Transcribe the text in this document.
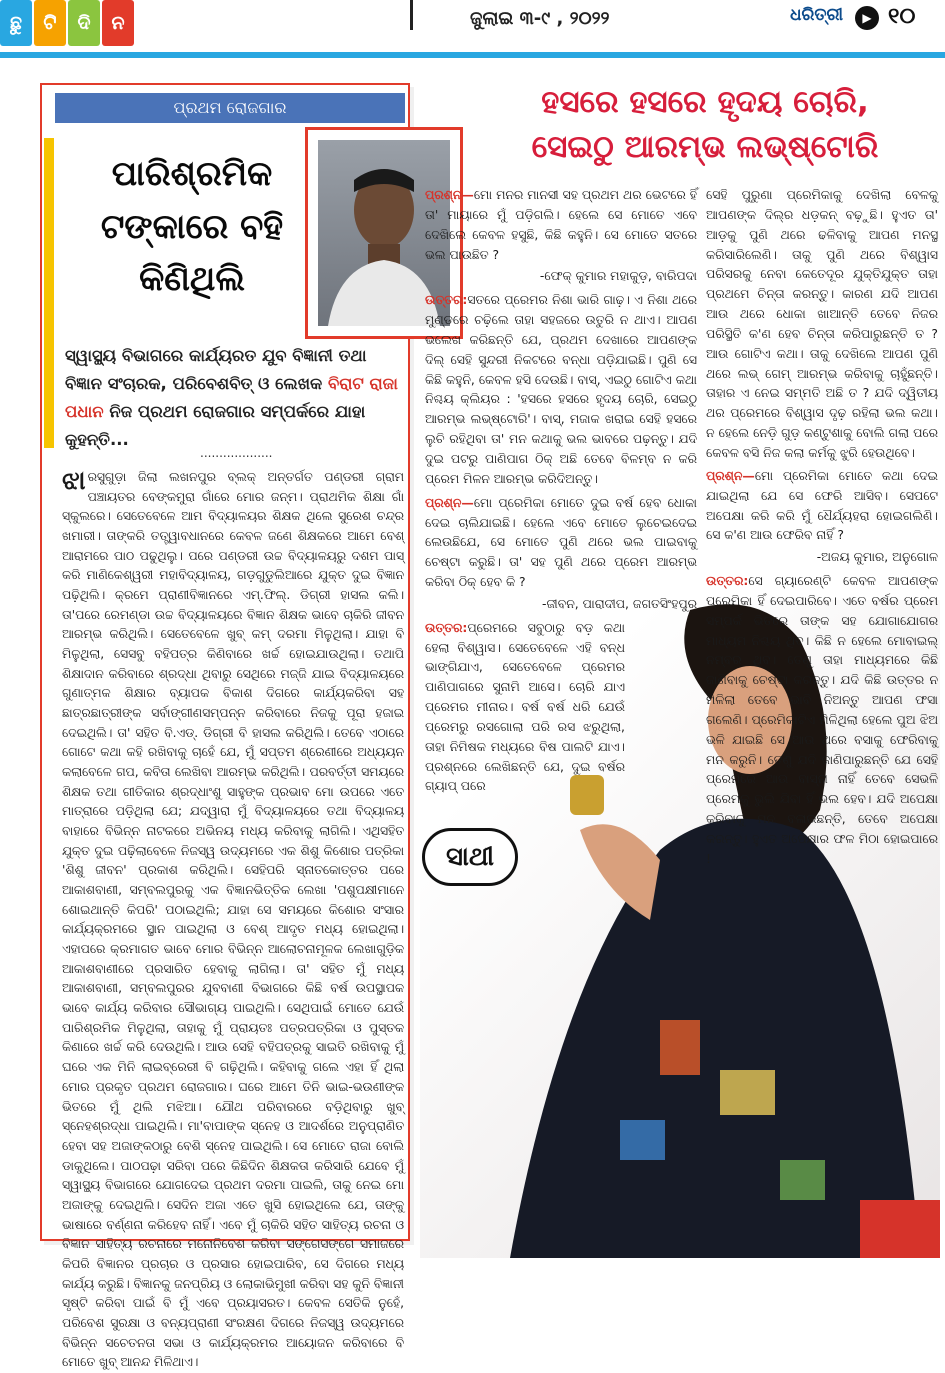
ଛୁ	ଟି	ଦି	ନ	ଜୁଲାଇ ୩-୯ , ୨୦୨୨	ଧରିତ୍ରୀ	▶ ୧୦
ପ୍ରଥମ ରୋଜଗାର
ପାରିଶ୍ରମିକ ଟଙ୍କାରେ ବହି କିଣିଥିଲି
ସ୍ୱାସ୍ଥ୍ୟ ବିଭାଗରେ କାର୍ଯ୍ୟରତ ଯୁବ ବିଜ୍ଞାନୀ ତଥା ବିଜ୍ଞାନ ସଂଚାରକ, ପରିବେଶବିତ୍ ଓ ଲେଖକ ବିରାଟ ରାଜା ପଧାନ ନିଜ ପ୍ରଥମ ରୋଜଗାର ସମ୍ପର୍କରେ ଯାହା କୁହନ୍ତି...
...................
ଝାରସୁଗୁଡ଼ା ଜିଲା ଲଖନପୁର ବ୍ଲକ୍ ଅନ୍ତର୍ଗତ ପଣ୍ଡରୀ ଗ୍ରାମ ପଞ୍ଚାୟତର ବେଙ୍କମୁରା ଗାଁରେ ମୋର ଜନ୍ମ। ପ୍ରାଥମିକ ଶିକ୍ଷା ଗାଁ ସ୍କୁଲରେ। ସେତେବେଳେ ଆମ ବିଦ୍ୟାଳୟର ଶିକ୍ଷକ ଥିଲେ ସୁରେଶ ଚନ୍ଦ୍ର ଖମାରୀ। ତାଙ୍କରି ତତ୍ତ୍ୱାବଧାନରେ କେବଳ ଜଣେ ଶିକ୍ଷକରେ ଆମେ ବେଶ୍ ଆରାମରେ ପାଠ ପଢୁଥିଲୁ। ପରେ ପଣ୍ଡରୀ ଉଚ୍ଚ ବିଦ୍ୟାଳୟରୁ ଦଶମ ପାସ୍ କରି ମାଣିକେଶ୍ୱରୀ ମହାବିଦ୍ୟାଳୟ, ଗଡ଼ଗୁଡୁଲିଆରେ ଯୁକ୍ତ ଦୁଇ ବିଜ୍ଞାନ ପଢ଼ିଥିଲି। କ୍ରମେ ପ୍ରାଣୀବିଜ୍ଞାନରେ ଏମ୍.ଫିଲ୍. ଡିଗ୍ରୀ ହାସଲ କଲି। ତା'ପରେ ରେମଣ୍ଡା ଉଚ୍ଚ ବିଦ୍ୟାଳୟରେ ବିଜ୍ଞାନ ଶିକ୍ଷକ ଭାବେ ଚାକିରି ଜୀବନ ଆରମ୍ଭ କରିଥିଲି। ସେତେବେଳେ ଖୁବ୍ କମ୍ ଦରମା ମିଳୁଥିଲା। ଯାହା ବି ମିଳୁଥିଲା, ସେସବୁ ବହିପତ୍ର କିଣିବାରେ ଖର୍ଚ୍ଚ ହୋଇଯାଉଥିଲା। ତଥାପି ଶିକ୍ଷାଦାନ କରିବାରେ ଶ୍ରଦ୍ଧା ଥିବାରୁ ସେଥିରେ ମଜ୍ଜି ଯାଇ ବିଦ୍ୟାଳୟରେ ଗୁଣାତ୍ମକ ଶିକ୍ଷାର ବ୍ୟାପକ ବିକାଶ ଦିଗରେ କାର୍ଯ୍ୟକରିବା ସହ ଛାତ୍ରଛାତ୍ରୀଙ୍କ ସର୍ବାଙ୍ଗୀଣସମ୍ପନ୍ନ କରିବାରେ ନିଜକୁ ପୂରା ହଜାଇ ଦେଇଥିଲି। ତା' ସହିତ ବି.ଏଡ୍. ଡିଗ୍ରୀ ବି ହାସଲ କରିଥିଲି। ତେବେ ଏଠାରେ ଗୋଟେ କଥା କହି ରଖିବାକୁ ଚାହେଁ ଯେ, ମୁଁ ସପ୍ତମ ଶ୍ରେଣୀରେ ଅଧ୍ୟୟନ କଲାବେଳେ ଗପ, କବିତା ଲେଖିବା ଆରମ୍ଭ କରିଥିଲି। ପରବର୍ତ୍ତୀ ସମୟରେ ଶିକ୍ଷକ ତଥା ଗୀତିକାର ଶ୍ରଦ୍ଧାଂଶୁ ସାହୁଙ୍କ ପ୍ରଭାବ ମୋ ଉପରେ ଏତେ ମାତ୍ରାରେ ପଡ଼ିଥିଲା ଯେ; ଯଦ୍ୱାରା ମୁଁ ବିଦ୍ୟାଳୟରେ ତଥା ବିଦ୍ୟାଳୟ ବାହାରେ ବିଭିନ୍ନ ନାଟକରେ ଅଭିନୟ ମଧ୍ୟ କରିବାକୁ ଲାଗିଲି। ଏଥିସହିତ ଯୁକ୍ତ ଦୁଇ ପଢ଼ିଲାବେଳେ ନିଜସ୍ୱ ଉଦ୍ୟମରେ ଏକ ଶିଶୁ କିଶୋର ପତ୍ରିକା 'ଶିଶୁ ଜୀବନ' ପ୍ରକାଶ କରିଥିଲି। ସେହିପରି ସ୍ନାତକୋତ୍ତର ପରେ ଆକାଶବାଣୀ, ସମ୍ବଲପୁରକୁ ଏକ ବିଜ୍ଞାନଭିତ୍ତିକ ଲେଖା 'ପଶୁପକ୍ଷୀମାନେ ଶୋଇଥାନ୍ତି କିପରି' ପଠାଇଥିଲି; ଯାହା ସେ ସମୟରେ କିଶୋର ସଂସାର କାର୍ଯ୍ୟକ୍ରମରେ ସ୍ଥାନ ପାଇଥିଲା ଓ ବେଶ୍ ଆଦୃତ ମଧ୍ୟ ହୋଇଥିଲା। ଏହାପରେ କ୍ରମାଗତ ଭାବେ ମୋର ବିଭିନ୍ନ ଆଲୋଚନାମୂଳକ ଲେଖାଗୁଡ଼ିକ ଆକାଶବାଣୀରେ ପ୍ରସାରିତ ହେବାକୁ ଲାଗିଲା। ତା' ସହିତ ମୁଁ ମଧ୍ୟ ଆକାଶବାଣୀ, ସମ୍ବଲପୁରର ଯୁବବାଣୀ ବିଭାଗରେ କିଛି ବର୍ଷ ଉପସ୍ଥାପକ ଭାବେ କାର୍ଯ୍ୟ କରିବାର ସୌଭାଗ୍ୟ ପାଇଥିଲି। ସେଥିପାଇଁ ମୋତେ ଯେଉଁ ପାରିଶ୍ରମିକ ମିଳୁଥିଲା, ତାହାକୁ ମୁଁ ପ୍ରାୟତଃ ପତ୍ରପତ୍ରିକା ଓ ପୁସ୍ତକ କିଣାରେ ଖର୍ଚ୍ଚ କରି ଦେଉଥିଲି। ଆଉ ସେହି ବହିପତ୍ରକୁ ସାଇତି ରଖିବାକୁ ମୁଁ ଘରେ ଏକ ମିନି ଲାଇବ୍ରେରୀ ବି ଗଢ଼ିଥିଲି। କହିବାକୁ ଗଲେ ଏହା ହିଁ ଥିଲା ମୋର ପ୍ରକୃତ ପ୍ରଥମ ରୋଜଗାର। ଘରେ ଆମେ ତିନି ଭାଇ-ଭଉଣୀଙ୍କ ଭିତରେ ମୁଁ ଥିଲି ମଝିଆ। ଯୌଥ ପରିବାରରେ ବଡ଼ିଥିବାରୁ ଖୁବ୍ ସ୍ନେହଶ୍ରଦ୍ଧା ପାଇଥିଲି। ମା'ବାପାଙ୍କ ସ୍ନେହ ଓ ଆଦର୍ଶରେ ଅନୁପ୍ରାଣିତ ହେବା ସହ ଅଜାଙ୍କଠାରୁ ବେଶି ସ୍ନେହ ପାଇଥିଲି। ସେ ମୋତେ ରାଜା ବୋଲି ଡାକୁଥିଲେ। ପାଠପଢ଼ା ସରିବା ପରେ କିଛିଦିନ ଶିକ୍ଷକତା କରିସାରି ଯେବେ ମୁଁ ସ୍ୱାସ୍ଥ୍ୟ ବିଭାଗରେ ଯୋଗଦେଇ ପ୍ରଥମ ଦରମା ପାଇଲି, ତାକୁ ନେଇ ମୋ ଅଜାଙ୍କୁ ଦେଇଥିଲି। ସେଦିନ ଅଜା ଏତେ ଖୁସି ହୋଇଥିଲେ ଯେ, ତାଙ୍କୁ ଭାଷାରେ ବର୍ଣ୍ଣନା କରିହେବ ନାହିଁ। ଏବେ ମୁଁ ଚାକିରି ସହିତ ସାହିତ୍ୟ ରଚନା ଓ ବିଜ୍ଞାନ ସାହିତ୍ୟ ରଚନାରେ ମନୋନିବେଶ କରିବା ସଙ୍ଗେସଙ୍ଗେ ସମାଜରେ କିପରି ବିଜ୍ଞାନର ପ୍ରଚାର ଓ ପ୍ରସାର ହୋଇପାରିବ, ସେ ଦିଗରେ ମଧ୍ୟ କାର୍ଯ୍ୟ କରୁଛି। ବିଜ୍ଞାନକୁ ଜନପ୍ରିୟ ଓ ଲୋକାଭିମୁଖୀ କରିବା ସହ କୁନି ବିଜ୍ଞାନୀ ସୃଷ୍ଟି କରିବା ପାଇଁ ବି ମୁଁ ଏବେ ପ୍ରୟାସରତ। କେବଳ ସେତିକି ନୁହେଁ, ପରିବେଶ ସୁରକ୍ଷା ଓ ବନ୍ୟପ୍ରାଣୀ ସଂରକ୍ଷଣ ଦିଗରେ ନିଜସ୍ୱ ଉଦ୍ୟମରେ ବିଭିନ୍ନ ସଚେତନତା ସଭା ଓ କାର୍ଯ୍ୟକ୍ରମର ଆୟୋଜନ କରିବାରେ ବି ମୋତେ ଖୁବ୍ ଆନନ୍ଦ ମିଳିଥାଏ।
ହସରେ ହସରେ ହୃଦୟ ଚୋରି,
ସେଇଠୁ ଆରମ୍ଭ ଲଭ୍‌ଷ୍ଟୋରି
ସାଥୀ

ପ୍ରଶ୍ନ—ମୋ ମନର ମାନସୀ ସହ ପ୍ରଥମ ଥର ଭେଟରେ ହିଁ ତା' ମାୟାରେ ମୁଁ ପଡ଼ିଗଲି। ହେଲେ ସେ ମୋତେ ଏବେ ଦେଖିଲେ କେବଳ ହସୁଛି, କିଛି କହୁନି। ସେ ମୋତେ ସତରେ ଭଲ ପାଉଛିତ ?

-ଫେକ୍ କୁମାର ମହାକୁଡ଼, ବାରିପଦା

ଉତ୍ତର:ସତରେ ପ୍ରେମର ନିଶା ଭାରି ଗାଢ଼। ଏ ନିଶା ଥରେ ମୁଣ୍ଡରେ ଚଢ଼ିଲେ ତାହା ସହଜରେ ଉତୁରି ନ ଥାଏ। ଆପଣ ଭଲେଖ କରିଛନ୍ତି ଯେ, ପ୍ରଥମ ଦେଖାରେ ଆପଣଙ୍କ ଦିଲ୍ ସେହି ସୁନ୍ଦରୀ ନିକଟରେ ବନ୍ଧା ପଡ଼ିଯାଇଛି। ପୁଣି ସେ କିଛି କହୁନି, କେବଳ ହସି ଦେଉଛି। ବାସ୍, ଏଇଠୁ ଗୋଟିଏ କଥା ନିଶ୍ଚୟ କ୍ଲିୟର : 'ହସରେ ହସରେ ହୃଦୟ ଚୋରି, ସେଇଠୁ ଆରମ୍ଭ ଲଭ୍‌ଷ୍ଟୋରି'। ବାସ୍, ମଜାକ ଖରାଇ ସେହି ହସରେ ଲୁଚି ରହିଥିବା ତା' ମନ କଥାକୁ ଭଲ ଭାବରେ ପଢ଼ନ୍ତୁ। ଯଦି ଦୁଇ ପଟରୁ ପାଣିପାଗ ଠିକ୍ ଅଛି ତେବେ ବିଳମ୍ବ ନ କରି ପ୍ରେମ ମିଳନ ଆରମ୍ଭ କରିଦିଅନ୍ତୁ।

ପ୍ରଶ୍ନ—ମୋ ପ୍ରେମିକା ମୋତେ ଦୁଇ ବର୍ଷ ହେବ ଧୋକା ଦେଇ ଚାଲିଯାଇଛି। ହେଲେ ଏବେ ମୋତେ ଲୁଚେଇଦେଇ ଲେଉଛିଯେ, ସେ ମୋତେ ପୁଣି ଥରେ ଭଲ ପାଇବାକୁ ଚେଷ୍ଟା କରୁଛି। ତା' ସହ ପୁଣି ଥରେ ପ୍ରେମ ଆରମ୍ଭ କରିବା ଠିକ୍ ହେବ କି ?

-ଜୀବନ, ପାରାଦୀପ, ଜଗତସିଂହପୁର

ଉତ୍ତର:ପ୍ରେମରେ ସବୁଠାରୁ ବଡ଼ କଥା ହେଲା ବିଶ୍ୱାସ। ସେତେବେଳେ ଏହି ବନ୍ଧ ଭାଙ୍ଗିଯାଏ, ସେତେବେଳେ ପ୍ରେମର ପାଣିପାଗରେ ସୁନାମି ଆସେ। ଚୋରି ଯାଏ ପ୍ରେମର ମୀନାର। ବର୍ଷ ବର୍ଷ ଧରି ଯେଉଁ ପ୍ରେମରୁ ରସଗୋଲା ପରି ରସ ଝରୁଥିଲା, ତାହା ନିମିଷକ ମଧ୍ୟରେ ବିଷ ପାଲଟି ଯାଏ। ପ୍ରଶ୍ନରେ ଲେଖିଛନ୍ତି ଯେ, ଦୁଇ ବର୍ଷର ଗ୍ୟାପ୍ ପରେ

ସେହି ପୁରୁଣା ପ୍ରେମିକାକୁ ଦେଖିଲା ବେଳକୁ ଆପଣଙ୍କ ଦିଲ୍‌ର ଧଡ଼କନ୍ ବଢ଼ୁଛି। ହୁଏତ ତା' ଆଡ଼କୁ ପୁଣି ଥରେ ଢଳିବାକୁ ଆପଣ ମନସ୍ଥ କରିସାରିଲେଣି। ତାକୁ ପୁଣି ଥରେ ବିଶ୍ୱାସ ପରିସରକୁ ନେବା କେତେଦୂର ଯୁକ୍ତିଯୁକ୍ତ ତାହା ପ୍ରଥମେ ଚିନ୍ତା କରନ୍ତୁ। କାରଣ ଯଦି ଆପଣ ଆଉ ଥରେ ଧୋକା ଖାଆନ୍ତି ତେବେ ନିଜର ପରିସ୍ଥିତି କ'ଣ ହେବ ଚିନ୍ତା କରିପାରୁଛନ୍ତି ତ ? ଆଉ ଗୋଟିଏ କଥା। ତାକୁ ଦେଖିଲେ ଆପଣ ପୁଣି ଥରେ ଲଭ୍ ଗେମ୍ ଆରମ୍ଭ କରିବାକୁ ଚାହୁଁଛନ୍ତି। ତାହାର ଏ ନେଇ ସମ୍ମତି ଅଛି ତ ? ଯଦି ଦ୍ୱିତୀୟ ଥର ପ୍ରେମରେ ବିଶ୍ୱାସ ଦୃଢ଼ ରହିଲା ଭଲ କଥା। ନ ହେଲେ ନେଡ଼ି ଗୁଡ଼ କଣ୍ଟୁଶାକୁ ବୋଲି ଗଲା ପରେ କେବଳ ବସି ନିଜ କଲା କର୍ମକୁ ଝୁରି ହେଉଥିବେ।

ପ୍ରଶ୍ନ—ମୋ ପ୍ରେମିକା ମୋତେ କଥା ଦେଇ ଯାଇଥିଲା ଯେ ସେ ଫେରି ଆସିବ। ସେପଟେ ଅପେକ୍ଷା କରି କରି ମୁଁ ଧୈର୍ଯ୍ୟହରା ହୋଇଗଲିଣି। ସେ କ'ଣ ଆଉ ଫେରିବ ନାହିଁ ?

-ଅଜୟ କୁମାର, ଅନୁଗୋଳ

ଉତ୍ତର:ସେ ଗ୍ୟାରେଣ୍ଟି କେବଳ ଆପଣଙ୍କ ପ୍ରେମିକା ହିଁ ଦେଇପାରିବେ। ଏତେ ବର୍ଷର ପ୍ରେମ ସମ୍ପର୍କ ଭିତରେ ତାଙ୍କ ସହ ଯୋଗାଯୋଗର ମାଧ୍ୟମ ନିଶ୍ଚୟ ଥିବ। କିଛି ନ ହେଲେ ମୋବାଇଲ୍ ନମ୍ବର ଥିବ। ତେଣୁ ତାହା ମାଧ୍ୟମରେ କିଛି ଜାଣିବାକୁ ଚେଷ୍ଟା କରନ୍ତୁ। ଯଦି କିଛି ଉତ୍ତର ନ ମିଳିଲା ତେବେ ଭାବି ନିଅନ୍ତୁ ଆପଣ ଫସା ଗଲେଣି। ପ୍ରେମିକାଟିଏ ମିଳିଥିଲା ହେଲେ ପୁଅ ଝିଅ ଭଳି ଯାଇଛି ସେ ଆଉ ଥରେ ବସାକୁ ଫେରିବାକୁ ମନ କରୁନି। ତେଣୁ ଯଦି ଜାଣିପାରୁଛନ୍ତି ଯେ ସେହି ପ୍ରେମରେ ଆଉ ବାସ୍ନା ନାହିଁ ତେବେ ସେଭଳି ପ୍ରେମକୁ ଭୁଲି ଯିବା ହିଁ ଭଲ ହେବ। ଯଦି ଅପେକ୍ଷା କରିବାକୁ ମନ ବଳାଉଛନ୍ତି, ତେବେ ଅପେକ୍ଷା କରନ୍ତୁ। ହୁଏତ ଅପେକ୍ଷାର ଫଳ ମିଠା ହୋଇପାରେ !
